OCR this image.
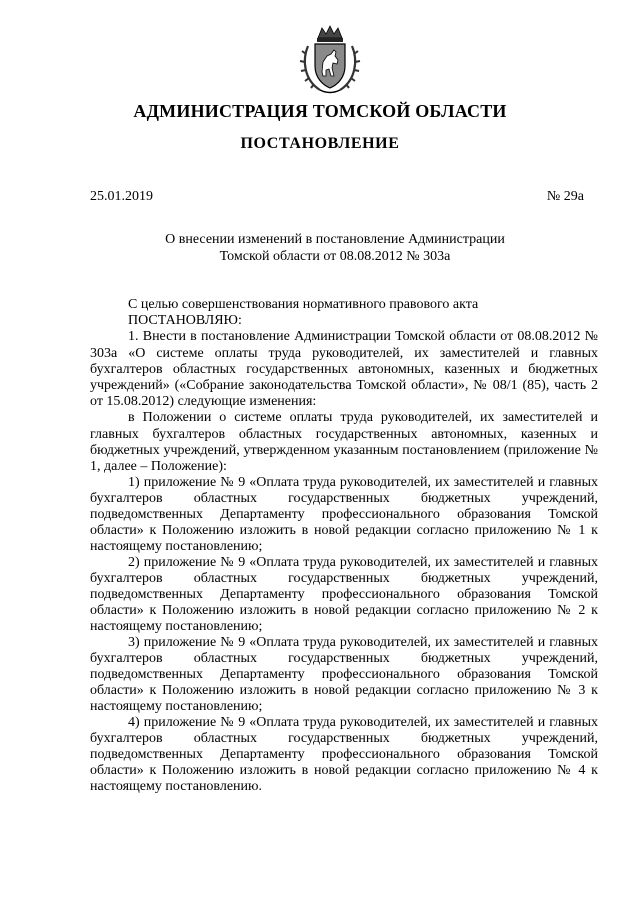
АДМИНИСТРАЦИЯ ТОМСКОЙ ОБЛАСТИ
ПОСТАНОВЛЕНИЕ
25.01.2019	№ 29а
О внесении изменений в постановление Администрации
Томской области от 08.08.2012 № 303а

С целью совершенствования нормативного правового акта

ПОСТАНОВЛЯЮ:

1. Внести в постановление Администрации Томской области от 08.08.2012 № 303а «О системе оплаты труда руководителей, их заместителей и главных бухгалтеров областных государственных автономных, казенных и бюджетных учреждений» («Собрание законодательства Томской области», № 08/1 (85), часть 2 от 15.08.2012) следующие изменения:

в Положении о системе оплаты труда руководителей, их заместителей и главных бухгалтеров областных государственных автономных, казенных и бюджетных учреждений, утвержденном указанным постановлением (приложение № 1, далее – Положение):

1) приложение № 9 «Оплата труда руководителей, их заместителей и главных бухгалтеров областных государственных бюджетных учреждений, подведомственных Департаменту профессионального образования Томской области» к Положению изложить в новой редакции согласно приложению № 1 к настоящему постановлению;

2) приложение № 9 «Оплата труда руководителей, их заместителей и главных бухгалтеров областных государственных бюджетных учреждений, подведомственных Департаменту профессионального образования Томской области» к Положению изложить в новой редакции согласно приложению № 2 к настоящему постановлению;

3) приложение № 9 «Оплата труда руководителей, их заместителей и главных бухгалтеров областных государственных бюджетных учреждений, подведомственных Департаменту профессионального образования Томской области» к Положению изложить в новой редакции согласно приложению № 3 к настоящему постановлению;

4) приложение № 9 «Оплата труда руководителей, их заместителей и главных бухгалтеров областных государственных бюджетных учреждений, подведомственных Департаменту профессионального образования Томской области» к Положению изложить в новой редакции согласно приложению № 4 к настоящему постановлению.
